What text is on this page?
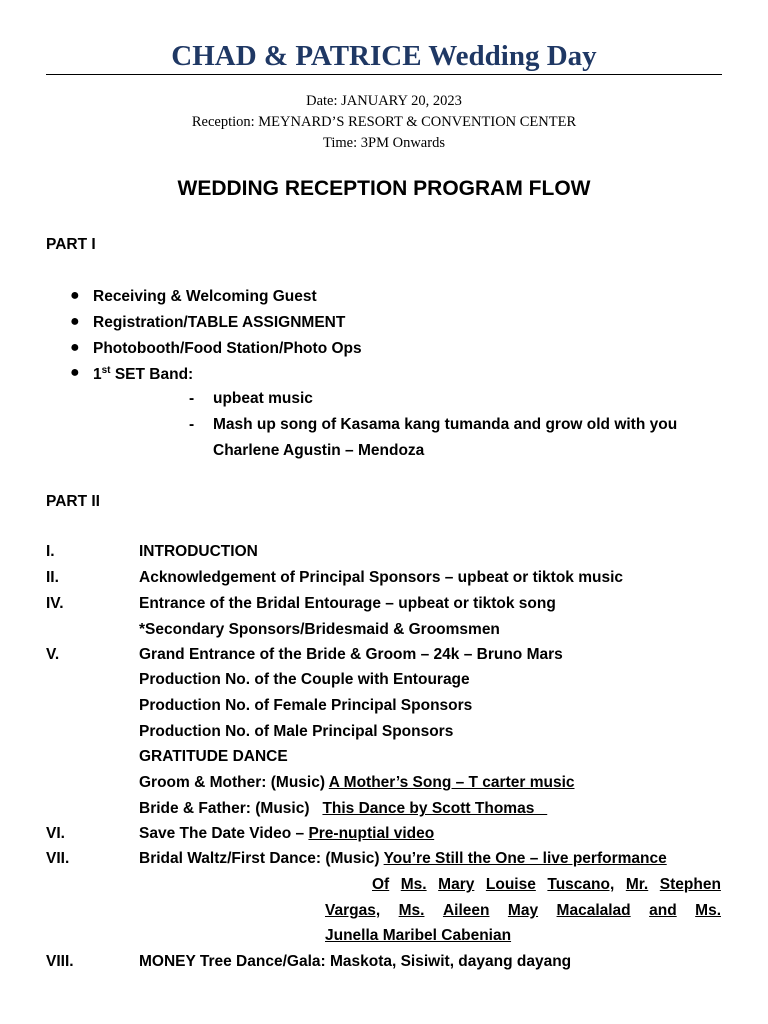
CHAD & PATRICE Wedding Day
Date: JANUARY 20, 2023
Reception: MEYNARD’S RESORT & CONVENTION CENTER
Time: 3PM Onwards
WEDDING RECEPTION PROGRAM FLOW
PART I
● Receiving & Welcoming Guest
● Registration/TABLE ASSIGNMENT
● Photobooth/Food Station/Photo Ops
● 1st SET Band:
- upbeat music
- Mash up song of Kasama kang tumanda and grow old with you
Charlene Agustin – Mendoza
PART II
I.	INTRODUCTION
II.	Acknowledgement of Principal Sponsors – upbeat or tiktok music
IV.	Entrance of the Bridal Entourage – upbeat or tiktok song
*Secondary Sponsors/Bridesmaid & Groomsmen
V.	Grand Entrance of the Bride & Groom – 24k – Bruno Mars
Production No. of the Couple with Entourage
Production No. of Female Principal Sponsors
Production No. of Male Principal Sponsors
GRATITUDE DANCE
Groom & Mother: (Music) A Mother’s Song – T carter music
Bride & Father: (Music)   This Dance by Scott Thomas
VI.	Save The Date Video – Pre-nuptial video
VII.	Bridal Waltz/First Dance: (Music) You’re Still the One – live performance
Of Ms. Mary Louise Tuscano, Mr. Stephen
Vargas, Ms. Aileen May Macalalad and Ms.
Junella Maribel Cabenian
VIII.	MONEY Tree Dance/Gala: Maskota, Sisiwit, dayang dayang
